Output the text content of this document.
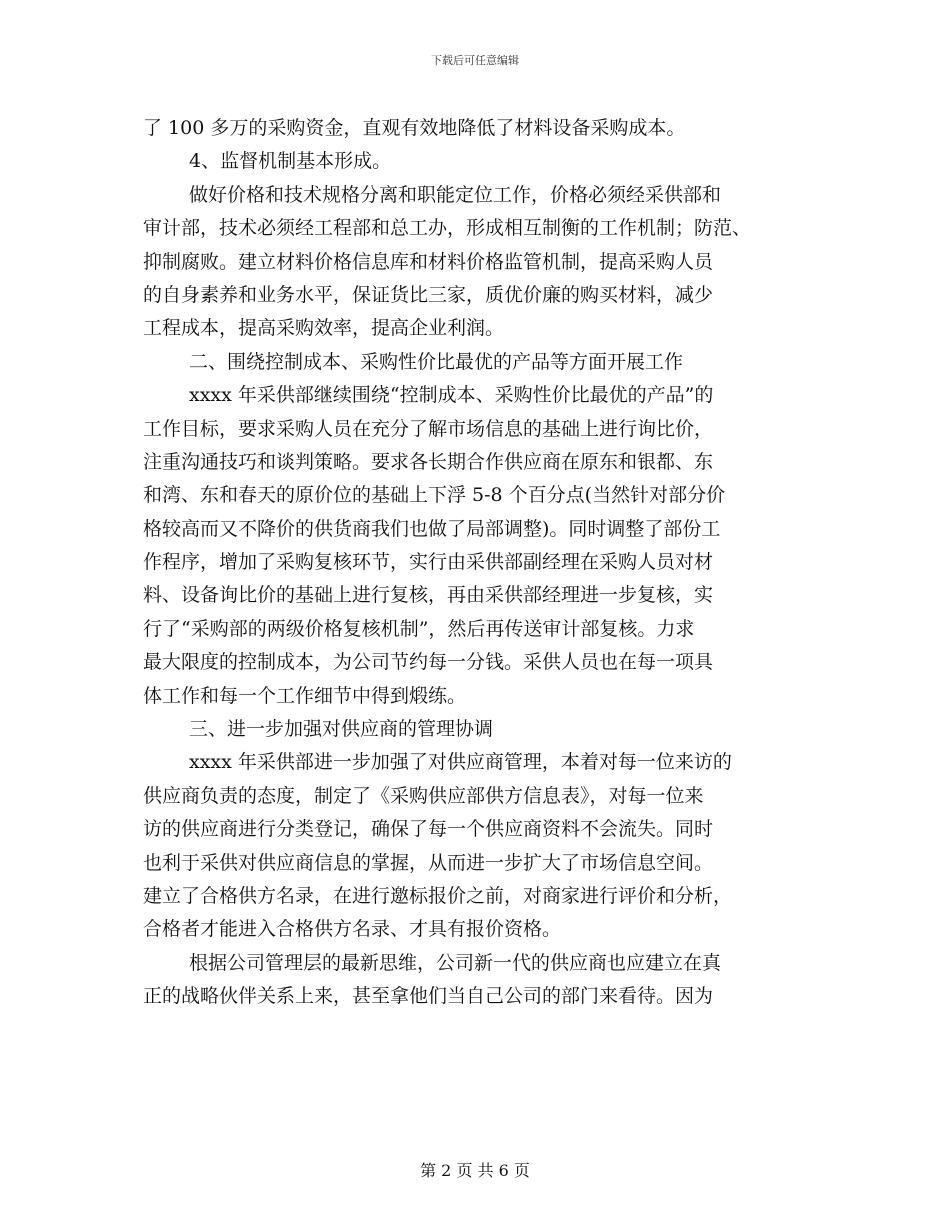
下载后可任意编辑
了 100 多万的采购资金，直观有效地降低了材料设备采购成本。
4、监督机制基本形成。
做好价格和技术规格分离和职能定位工作，价格必须经采供部和
审计部，技术必须经工程部和总工办，形成相互制衡的工作机制；防范、
抑制腐败。建立材料价格信息库和材料价格监管机制，提高采购人员
的自身素养和业务水平，保证货比三家，质优价廉的购买材料，减少
工程成本，提高采购效率，提高企业利润。
二、围绕控制成本、采购性价比最优的产品等方面开展工作
xxxx 年采供部继续围绕“控制成本、采购性价比最优的产品”的
工作目标，要求采购人员在充分了解市场信息的基础上进行询比价，
注重沟通技巧和谈判策略。要求各长期合作供应商在原东和银都、东
和湾、东和春天的原价位的基础上下浮 5-8 个百分点(当然针对部分价
格较高而又不降价的供货商我们也做了局部调整)。同时调整了部份工
作程序，增加了采购复核环节，实行由采供部副经理在采购人员对材
料、设备询比价的基础上进行复核，再由采供部经理进一步复核，实
行了“采购部的两级价格复核机制”，然后再传送审计部复核。力求
最大限度的控制成本，为公司节约每一分钱。采供人员也在每一项具
体工作和每一个工作细节中得到煅练。
三、进一步加强对供应商的管理协调
xxxx 年采供部进一步加强了对供应商管理，本着对每一位来访的
供应商负责的态度，制定了《采购供应部供方信息表》，对每一位来
访的供应商进行分类登记，确保了每一个供应商资料不会流失。同时
也利于采供对供应商信息的掌握，从而进一步扩大了市场信息空间。
建立了合格供方名录，在进行邀标报价之前，对商家进行评价和分析，
合格者才能进入合格供方名录、才具有报价资格。
根据公司管理层的最新思维，公司新一代的供应商也应建立在真
正的战略伙伴关系上来，甚至拿他们当自己公司的部门来看待。因为
第 2 页 共 6 页
